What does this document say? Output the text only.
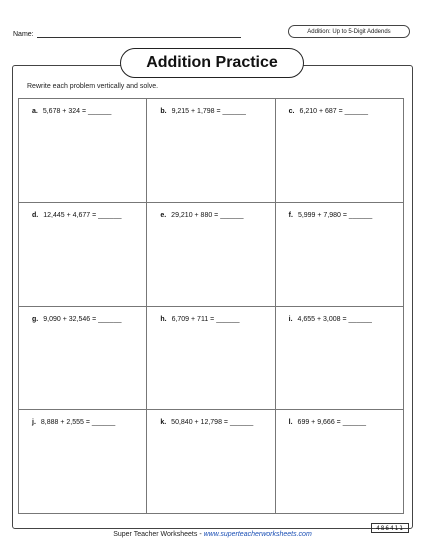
Name:	Addition: Up to 5-Digit Addends
Addition Practice
Rewrite each problem vertically and solve.
a. 5,678 + 324 = ______	b. 9,215 + 1,798 = ______	c. 6,210 + 687 = ______
d. 12,445 + 4,677 = ______	e. 29,210 + 880 = ______	f. 5,999 + 7,980 = ______
g. 9,090 + 32,546 = ______	h. 6,709 + 711 = ______	i. 4,655 + 3,008 = ______
j. 8,888 + 2,555 = ______	k. 50,840 + 12,798 = ______	l. 699 + 9,666 = ______
486411
Super Teacher Worksheets - www.superteacherworksheets.com
